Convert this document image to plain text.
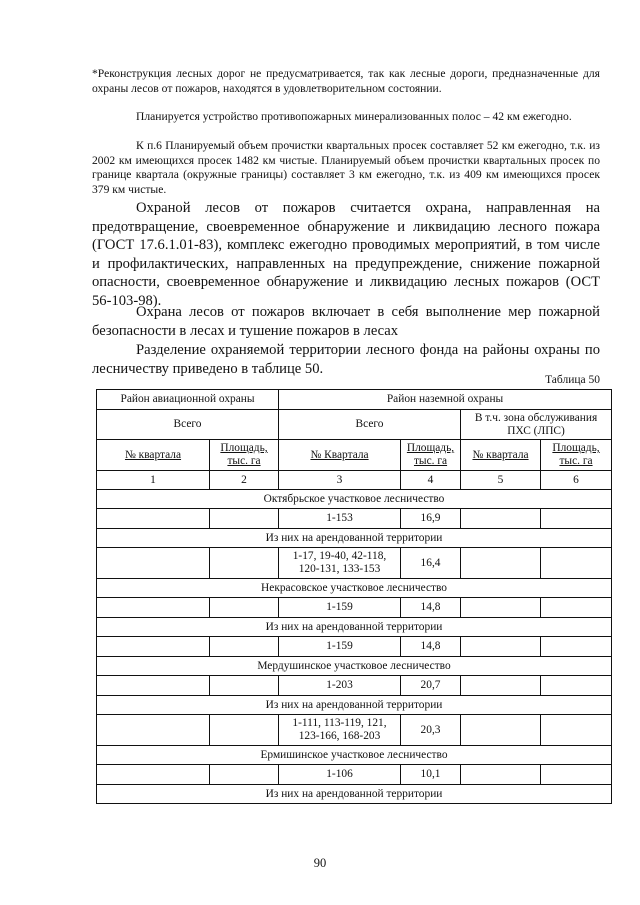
*Реконструкция лесных дорог не предусматривается, так как лесные дороги, предназначенные для охраны лесов от пожаров, находятся в удовлетворительном состоянии.
Планируется устройство противопожарных минерализованных полос – 42 км ежегодно.
К п.6 Планируемый объем прочистки квартальных просек составляет 52 км ежегодно, т.к. из 2002 км имеющихся просек 1482 км чистые. Планируемый объем прочистки квартальных просек по границе квартала (окружные границы) составляет 3 км ежегодно, т.к. из 409 км имеющихся просек 379 км чистые.
Охраной лесов от пожаров считается охрана, направленная на предотвращение, своевременное обнаружение и ликвидацию лесного пожара (ГОСТ 17.6.1.01-83), комплекс ежегодно проводимых мероприятий, в том числе и профилактических, направленных на предупреждение, снижение пожарной опасности, своевременное обнаружение и ликвидацию лесных пожаров (ОСТ 56-103-98).
Охрана лесов от пожаров включает в себя выполнение мер пожарной безопасности в лесах и тушение пожаров в лесах
Разделение охраняемой территории лесного фонда на районы охраны по лесничеству приведено в таблице 50.
Таблица 50
Район авиационной охраны		Район наземной охраны			
Всего		Всего		В т.ч. зона обслуживания ПХС (ЛПС)	
№ квартала	Площадь, тыс. га	№ Квартала	Площадь, тыс. га	№ квартала	Площадь, тыс. га
1	2	3	4	5	6
Октябрьское участковое лесничество					
		1-153	16,9		
Из них на арендованной территории					
		1-17, 19-40, 42-118, 120-131, 133-153	16,4		
Некрасовское участковое лесничество					
		1-159	14,8		
Из них на арендованной территории					
		1-159	14,8		
Мердушинское участковое лесничество					
		1-203	20,7		
Из них на арендованной территории					
		1-111, 113-119, 121, 123-166, 168-203	20,3		
Ермишинское участковое лесничество					
		1-106	10,1		
Из них на арендованной территории					
90
